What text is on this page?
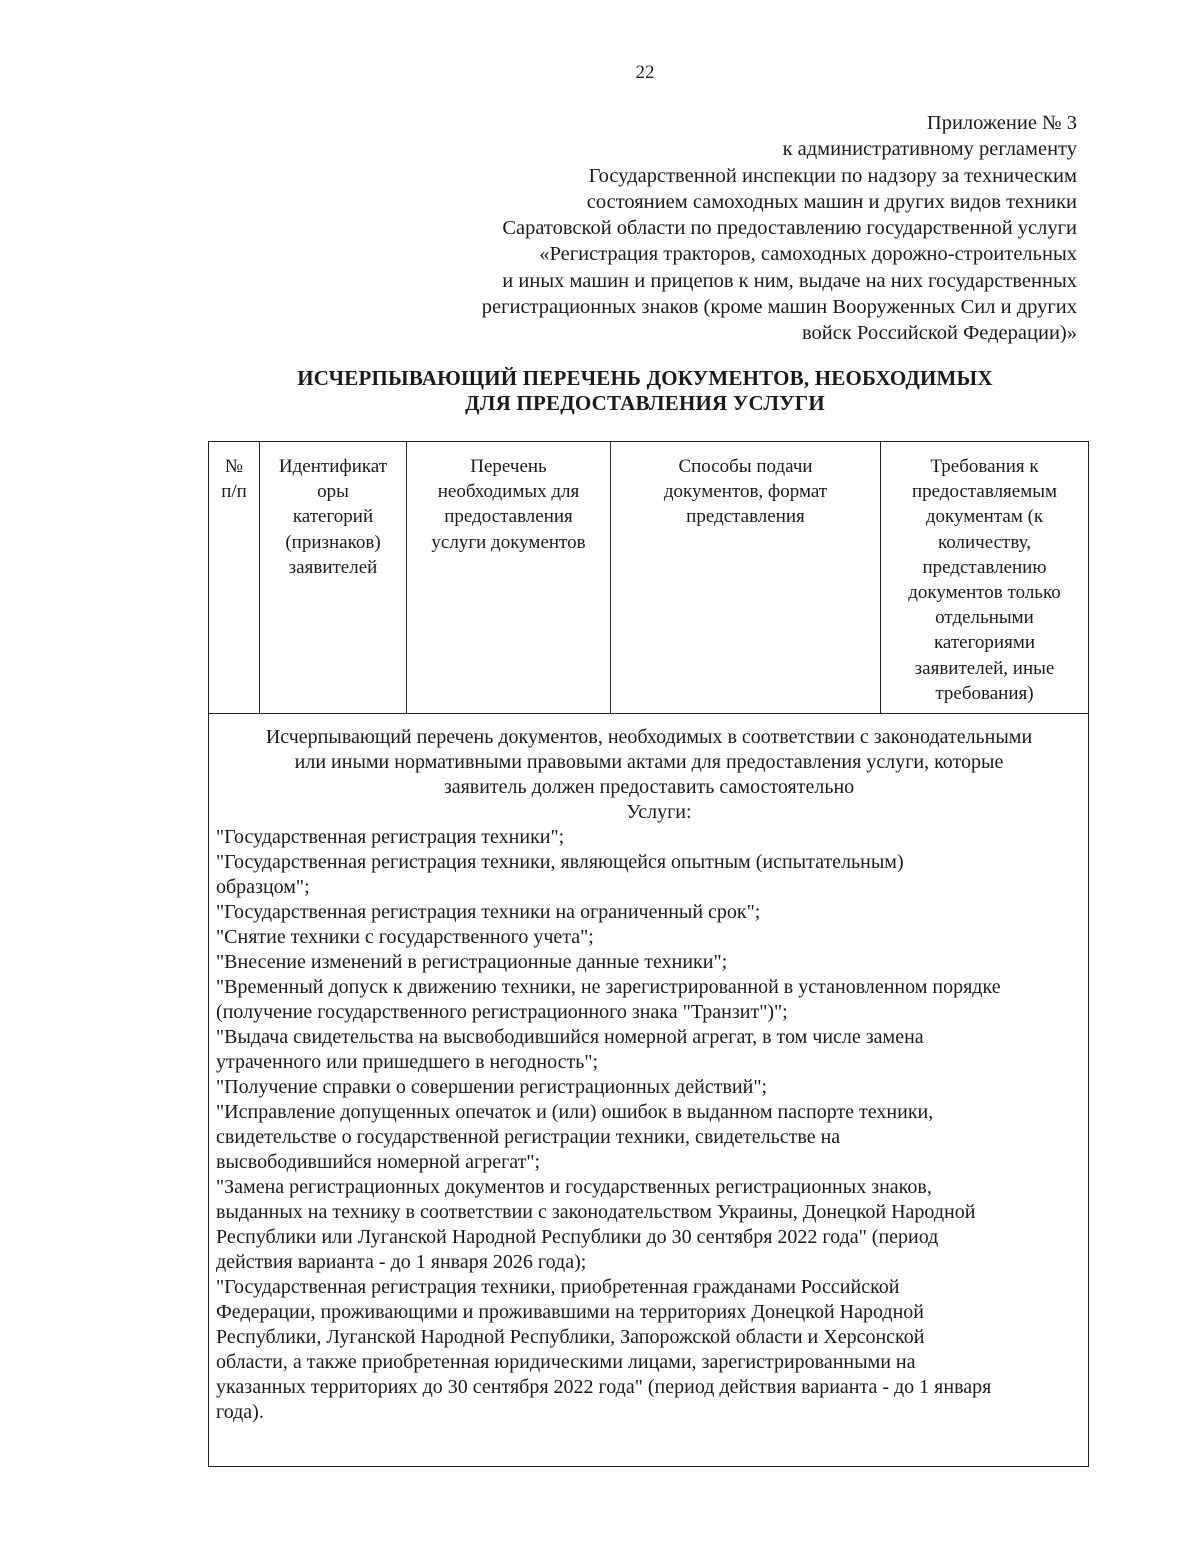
22
Приложение № 3
к административному регламенту
Государственной инспекции по надзору за техническим
состоянием самоходных машин и других видов техники
Саратовской области по предоставлению государственной услуги
«Регистрация тракторов, самоходных дорожно-строительных
и иных машин и прицепов к ним, выдаче на них государственных
регистрационных знаков (кроме машин Вооруженных Сил и других
войск Российской Федерации)»
ИСЧЕРПЫВАЮЩИЙ ПЕРЕЧЕНЬ ДОКУМЕНТОВ, НЕОБХОДИМЫХ
ДЛЯ ПРЕДОСТАВЛЕНИЯ УСЛУГИ
№
п/п
Идентификат
оры
категорий
(признаков)
заявителей
Перечень
необходимых для
предоставления
услуги документов
Способы подачи
документов, формат
представления
Требования к
предоставляемым
документам (к
количеству,
представлению
документов только
отдельными
категориями
заявителей, иные
требования)
Исчерпывающий перечень документов, необходимых в соответствии с законодательными
или иными нормативными правовыми актами для предоставления услуги, которые
заявитель должен предоставить самостоятельно
Услуги:
"Государственная регистрация техники";
"Государственная регистрация техники, являющейся опытным (испытательным)
образцом";
"Государственная регистрация техники на ограниченный срок";
"Снятие техники с государственного учета";
"Внесение изменений в регистрационные данные техники";
"Временный допуск к движению техники, не зарегистрированной в установленном порядке
(получение государственного регистрационного знака "Транзит")";
"Выдача свидетельства на высвободившийся номерной агрегат, в том числе замена
утраченного или пришедшего в негодность";
"Получение справки о совершении регистрационных действий";
"Исправление допущенных опечаток и (или) ошибок в выданном паспорте техники,
свидетельстве о государственной регистрации техники, свидетельстве на
высвободившийся номерной агрегат";
"Замена регистрационных документов и государственных регистрационных знаков,
выданных на технику в соответствии с законодательством Украины, Донецкой Народной
Республики или Луганской Народной Республики до 30 сентября 2022 года" (период
действия варианта - до 1 января 2026 года);
"Государственная регистрация техники, приобретенная гражданами Российской
Федерации, проживающими и проживавшими на территориях Донецкой Народной
Республики, Луганской Народной Республики, Запорожской области и Херсонской
области, а также приобретенная юридическими лицами, зарегистрированными на
указанных территориях до 30 сентября 2022 года" (период действия варианта - до 1 января
года).
